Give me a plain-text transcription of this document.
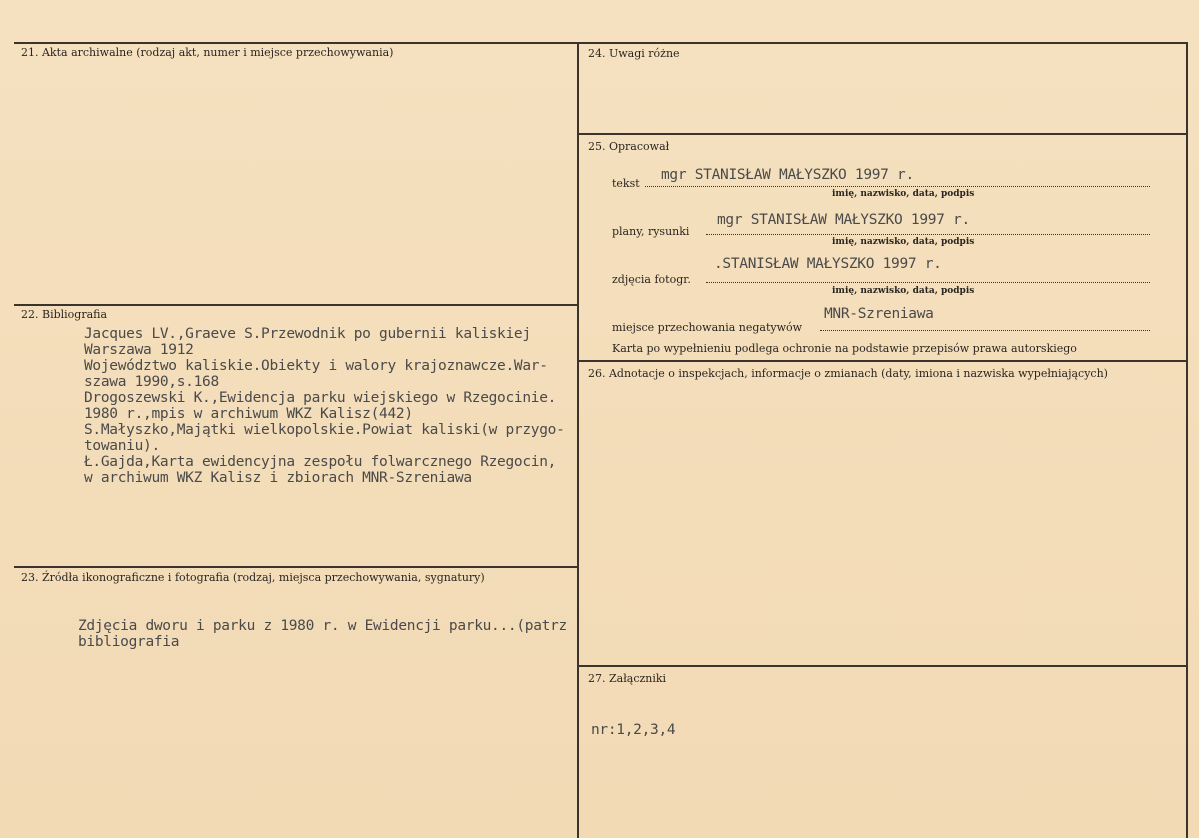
21. Akta archiwalne (rodzaj akt, numer i miejsce przechowywania)
22. Bibliografia
Jacques LV.,Graeve S.Przewodnik po gubernii kaliskiej
Warszawa 1912
Województwo kaliskie.Obiekty i walory krajoznawcze.War-
szawa 1990,s.168
Drogoszewski K.,Ewidencja parku wiejskiego w Rzegocinie.
1980 r.,mpis w archiwum WKZ Kalisz(442)
S.Małyszko,Majątki wielkopolskie.Powiat kaliski(w przygo-
towaniu).
Ł.Gajda,Karta ewidencyjna zespołu folwarcznego Rzegocin,
w archiwum WKZ Kalisz i zbiorach MNR-Szreniawa
23. Źródła ikonograficzne i fotografia (rodzaj, miejsca przechowywania, sygnatury)
Zdjęcia dworu i parku z 1980 r. w Ewidencji parku...(patrz
bibliografia
24. Uwagi różne
25. Opracował
tekst
mgr STANISŁAW MAŁYSZKO 1997 r.
imię, nazwisko, data, podpis
plany, rysunki
mgr STANISŁAW MAŁYSZKO 1997 r.
imię, nazwisko, data, podpis
zdjęcia fotogr.
.STANISŁAW MAŁYSZKO 1997 r.
imię, nazwisko, data, podpis
miejsce przechowania negatywów
MNR-Szreniawa
Karta po wypełnieniu podlega ochronie na podstawie przepisów prawa autorskiego
26. Adnotacje o inspekcjach, informacje o zmianach (daty, imiona i nazwiska wypełniających)
27. Załączniki
nr:1,2,3,4
